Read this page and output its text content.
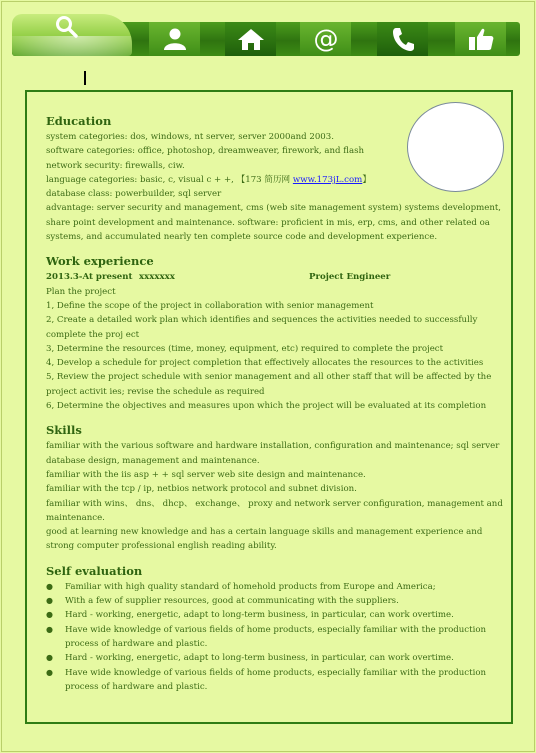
@
Education
system categories: dos, windows, nt server, server 2000and 2003.
software categories: office, photoshop, dreamweaver, firework, and flash
network security: firewalls, ciw.
language categories: basic, c, visual c + +, 【173 简历网 www.173jL.com】
database class: powerbuilder, sql server
advantage: server security and management, cms (web site management system) systems development, share point development and maintenance. software: proficient in mis, erp, cms, and other related oa systems, and accumulated nearly ten complete source code and development experience.
Work experience
2013.3-At present xxxxxxx	Project Engineer
Plan the project
1, Define the scope of the project in collaboration with senior management
2, Create a detailed work plan which identifies and sequences the activities needed to successfully complete the proj ect
3, Determine the resources (time, money, equipment, etc) required to complete the project
4, Develop a schedule for project completion that effectively allocates the resources to the activities
5, Review the project schedule with senior management and all other staff that will be affected by the project activit ies; revise the schedule as required
6, Determine the objectives and measures upon which the project will be evaluated at its completion
Skills
familiar with the various software and hardware installation, configuration and maintenance; sql server database design, management and maintenance.
familiar with the iis asp + + sql server web site design and maintenance.
familiar with the tcp / ip, netbios network protocol and subnet division.
familiar with wins、 dns、 dhcp、 exchange、 proxy and network server configuration, management and maintenance.
good at learning new knowledge and has a certain language skills and management experience and strong computer professional english reading ability.
Self evaluation
● Familiar with high quality standard of homehold products from Europe and America;
● With a few of supplier resources, good at communicating with the suppliers.
● Hard - working, energetic, adapt to long-term business, in particular, can work overtime.
● Have wide knowledge of various fields of home products, especially familiar with the production process of hardware and plastic.
● Hard - working, energetic, adapt to long-term business, in particular, can work overtime.
● Have wide knowledge of various fields of home products, especially familiar with the production process of hardware and plastic.
